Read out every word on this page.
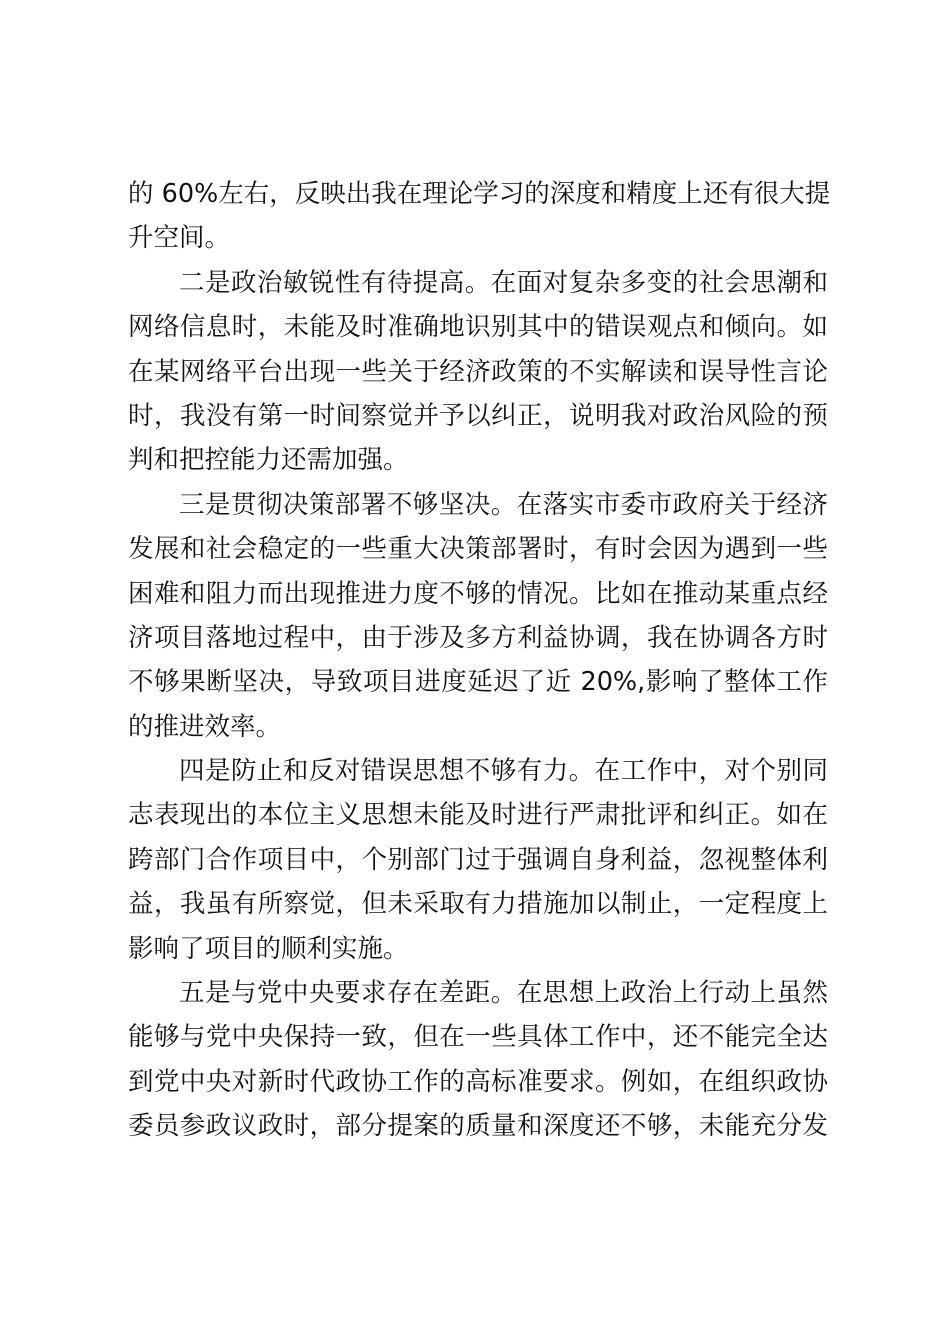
的 60%左右，反映出我在理论学习的深度和精度上还有很大提
升空间。

二是政治敏锐性有待提高。在面对复杂多变的社会思潮和
网络信息时，未能及时准确地识别其中的错误观点和倾向。如
在某网络平台出现一些关于经济政策的不实解读和误导性言论
时，我没有第一时间察觉并予以纠正，说明我对政治风险的预
判和把控能力还需加强。

三是贯彻决策部署不够坚决。在落实市委市政府关于经济
发展和社会稳定的一些重大决策部署时，有时会因为遇到一些
困难和阻力而出现推进力度不够的情况。比如在推动某重点经
济项目落地过程中，由于涉及多方利益协调，我在协调各方时
不够果断坚决，导致项目进度延迟了近 20%,影响了整体工作
的推进效率。

四是防止和反对错误思想不够有力。在工作中，对个别同
志表现出的本位主义思想未能及时进行严肃批评和纠正。如在
跨部门合作项目中，个别部门过于强调自身利益，忽视整体利
益，我虽有所察觉，但未采取有力措施加以制止，一定程度上
影响了项目的顺利实施。

五是与党中央要求存在差距。在思想上政治上行动上虽然
能够与党中央保持一致，但在一些具体工作中，还不能完全达
到党中央对新时代政协工作的高标准要求。例如，在组织政协
委员参政议政时，部分提案的质量和深度还不够，未能充分发
